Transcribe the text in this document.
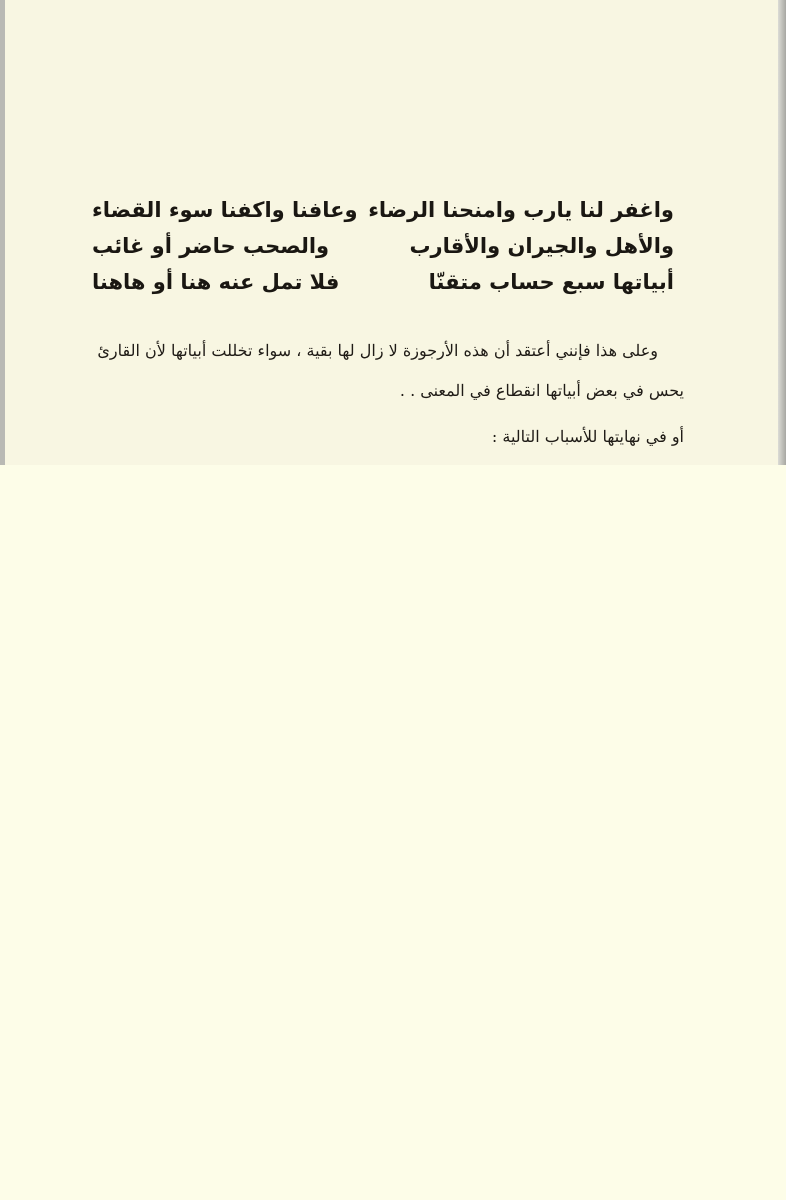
واغفر لنا يارب وامنحنا الرضاء
وعافنا واكفنا سوء القضاء
والأهل والجيران والأقارب
والصحب حاضر أو غائب
أبياتها سبع حساب متقنّا
فلا تمل عنه هنا أو هاهنا
وعلى هذا فإنني أعتقد أن هذه الأرجوزة لا زال لها بقية ، سواء تخللت أبياتها لأن القارئ
يحس في بعض أبياتها انقطاع في المعنى . .
أو في نهايتها للأسباب التالية :
